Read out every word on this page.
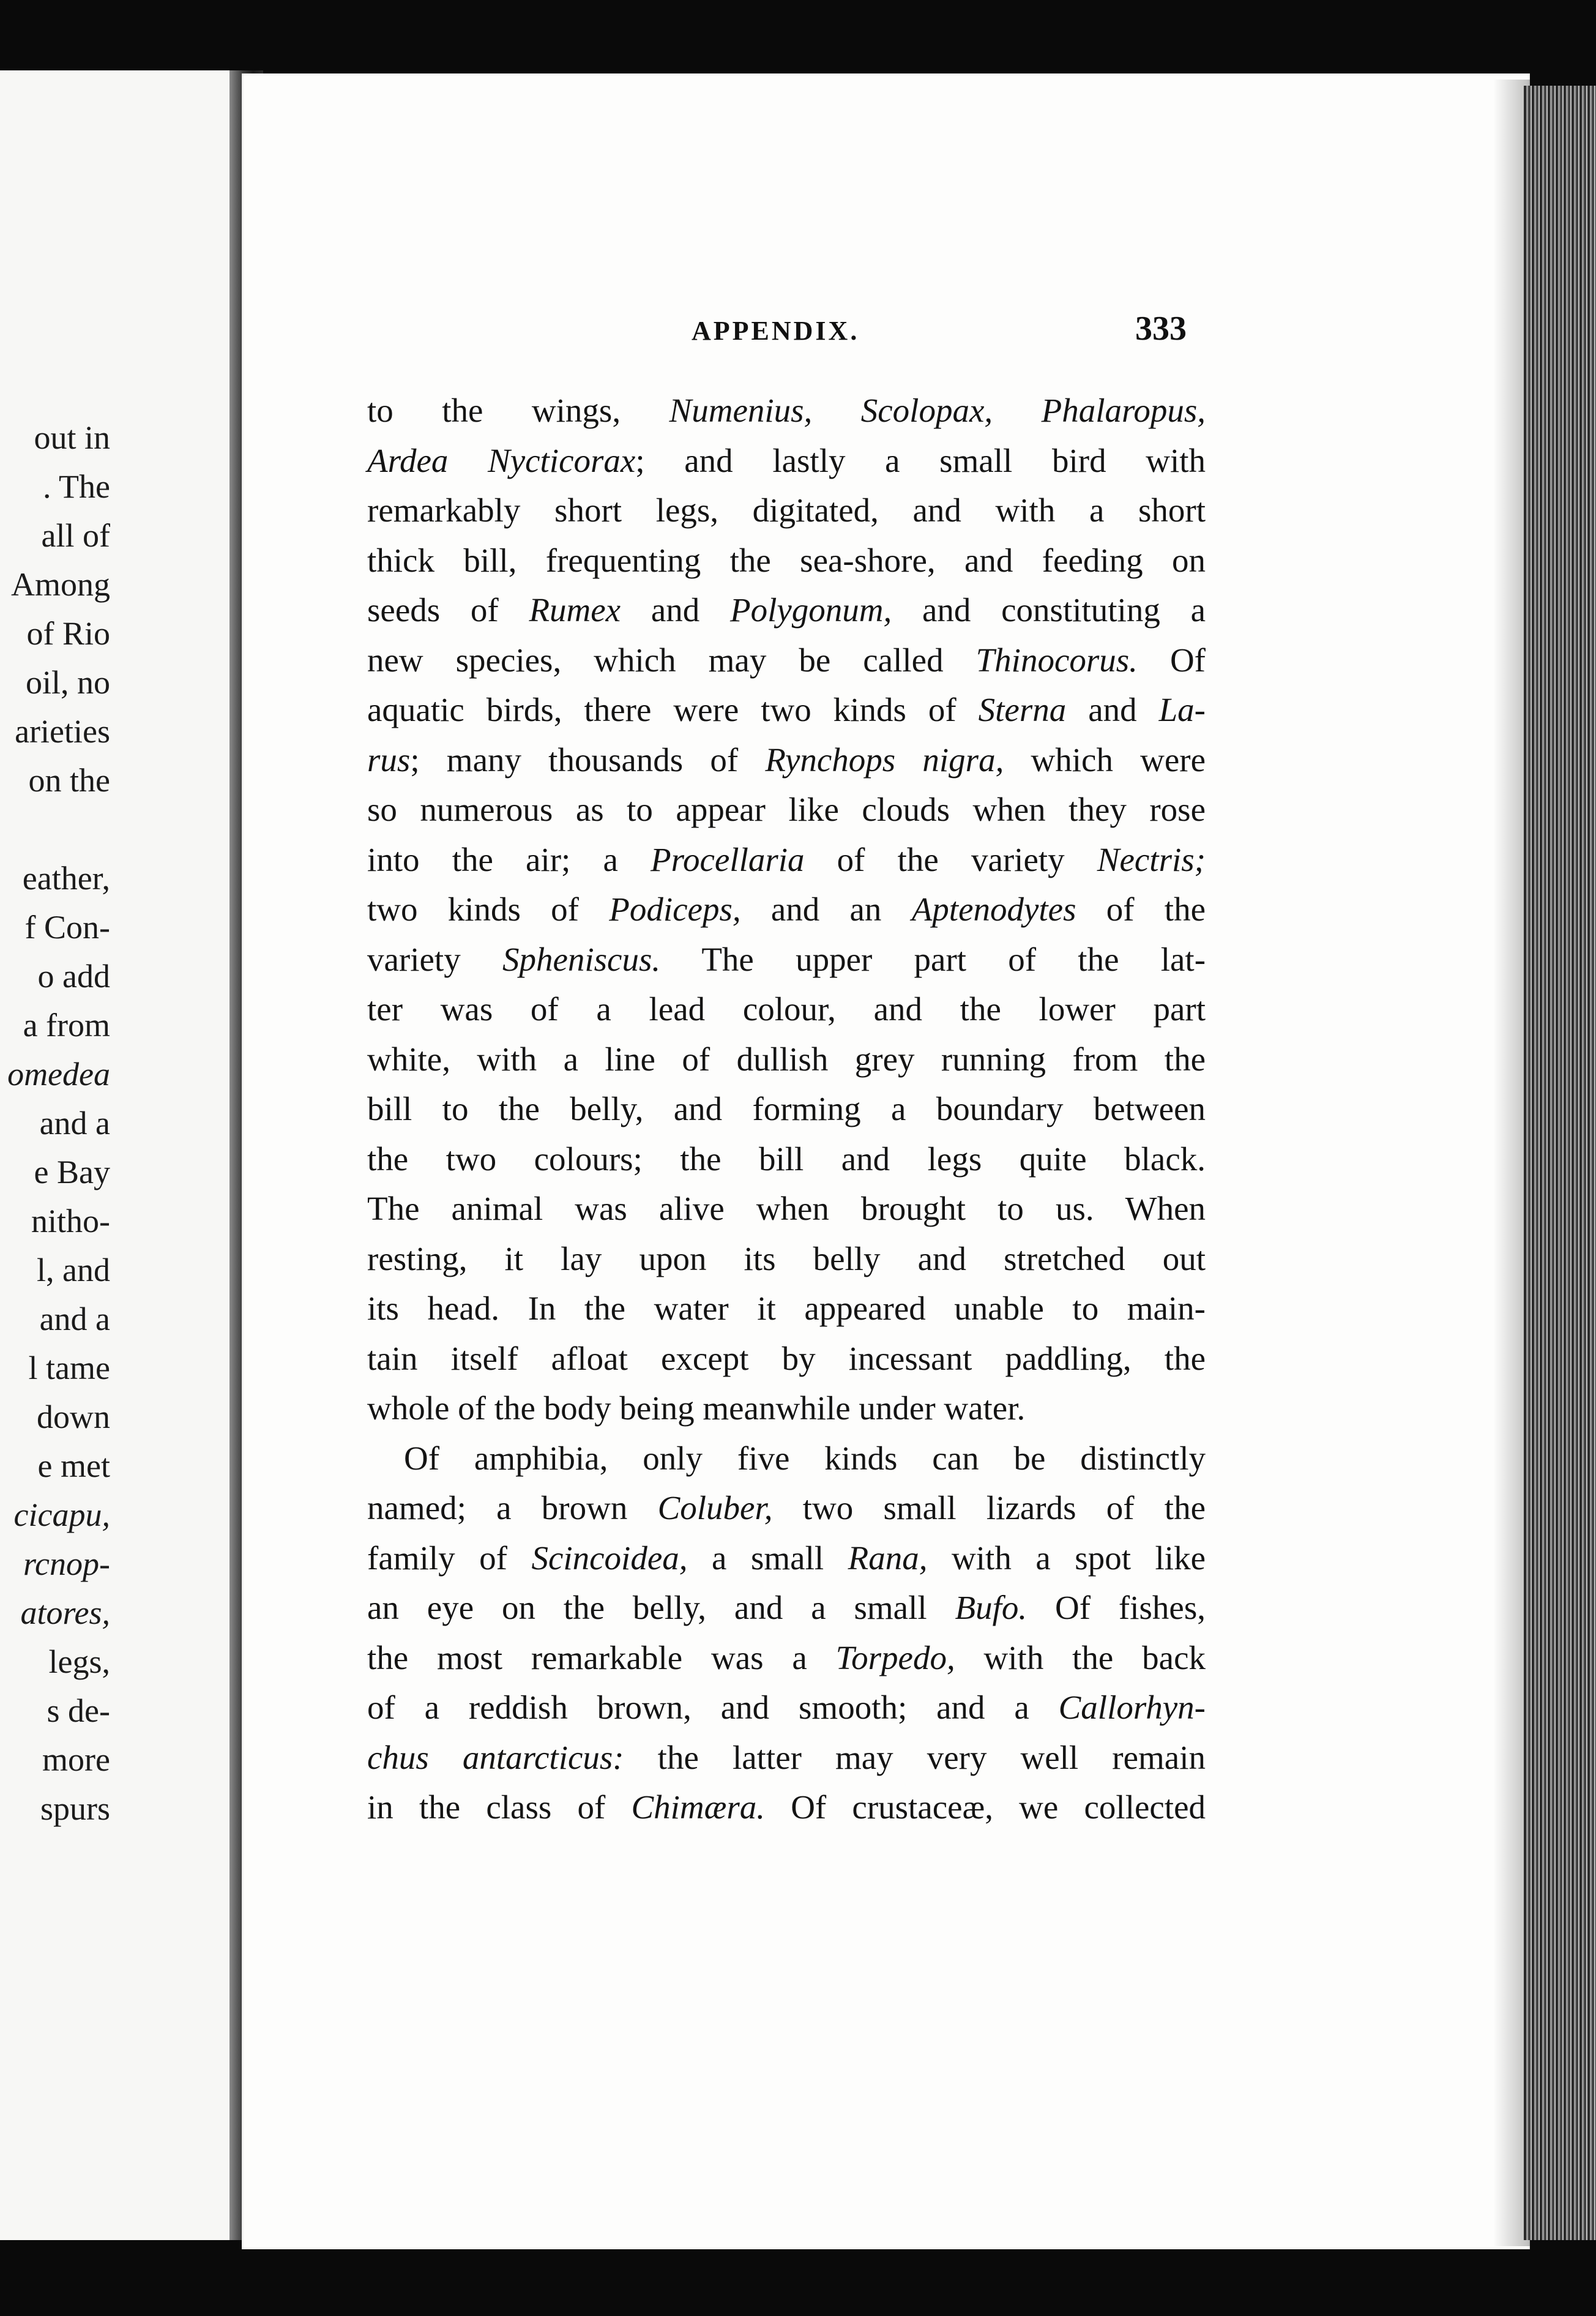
out in
. The
all of
Among
of Rio
oil, no
arieties
on the
eather,
f Con-
o add
a from
omedea
and a
e Bay
nitho-
l, and
and a
l tame
down
e met
cicapu,
rcnop-
atores,
legs,
s de-
more
spurs
APPENDIX.	333
to the wings, Numenius, Scolopax, Phalaropus,
Ardea Nycticorax; and lastly a small bird with
remarkably short legs, digitated, and with a short
thick bill, frequenting the sea-shore, and feeding on
seeds of Rumex and Polygonum, and constituting a
new species, which may be called Thinocorus. Of
aquatic birds, there were two kinds of Sterna and La-
rus; many thousands of Rynchops nigra, which were
so numerous as to appear like clouds when they rose
into the air; a Procellaria of the variety Nectris;
two kinds of Podiceps, and an Aptenodytes of the
variety Spheniscus. The upper part of the lat-
ter was of a lead colour, and the lower part
white, with a line of dullish grey running from the
bill to the belly, and forming a boundary between
the two colours; the bill and legs quite black.
The animal was alive when brought to us. When
resting, it lay upon its belly and stretched out
its head. In the water it appeared unable to main-
tain itself afloat except by incessant paddling, the
whole of the body being meanwhile under water.
Of amphibia, only five kinds can be distinctly
named; a brown Coluber, two small lizards of the
family of Scincoidea, a small Rana, with a spot like
an eye on the belly, and a small Bufo. Of fishes,
the most remarkable was a Torpedo, with the back
of a reddish brown, and smooth; and a Callorhyn-
chus antarcticus: the latter may very well remain
in the class of Chimæra. Of crustaceæ, we collected
